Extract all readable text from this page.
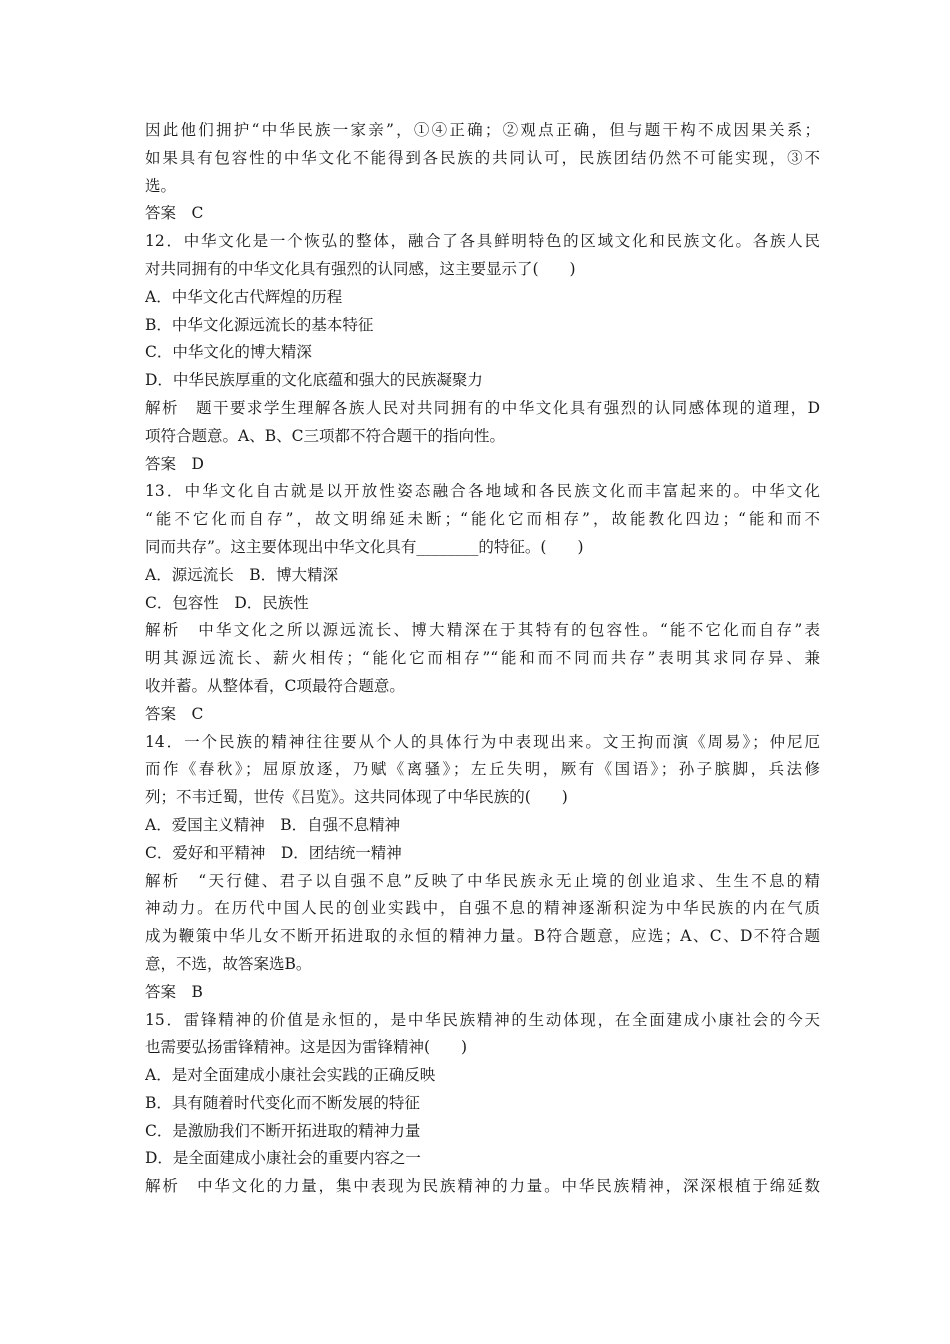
因此他们拥护“中华民族一家亲”，①④正确；②观点正确，但与题干构不成因果关系；
如果具有包容性的中华文化不能得到各民族的共同认可，民族团结仍然不可能实现，③不
选。
答案　C
12．中华文化是一个恢弘的整体，融合了各具鲜明特色的区域文化和民族文化。各族人民
对共同拥有的中华文化具有强烈的认同感，这主要显示了(　　)
A．中华文化古代辉煌的历程
B．中华文化源远流长的基本特征
C．中华文化的博大精深
D．中华民族厚重的文化底蕴和强大的民族凝聚力
解析　题干要求学生理解各族人民对共同拥有的中华文化具有强烈的认同感体现的道理，D
项符合题意。A、B、C三项都不符合题干的指向性。
答案　D
13．中华文化自古就是以开放性姿态融合各地域和各民族文化而丰富起来的。中华文化
“能不它化而自存”，故文明绵延未断；“能化它而相存”，故能教化四边；“能和而不
同而共存”。这主要体现出中华文化具有________的特征。(　　)
A．源远流长　B．博大精深
C．包容性　D．民族性
解析　中华文化之所以源远流长、博大精深在于其特有的包容性。“能不它化而自存”表
明其源远流长、薪火相传；“能化它而相存”“能和而不同而共存”表明其求同存异、兼
收并蓄。从整体看，C项最符合题意。
答案　C
14．一个民族的精神往往要从个人的具体行为中表现出来。文王拘而演《周易》；仲尼厄
而作《春秋》；屈原放逐，乃赋《离骚》；左丘失明，厥有《国语》；孙子膑脚，兵法修
列；不韦迁蜀，世传《吕览》。这共同体现了中华民族的(　　)
A．爱国主义精神　B．自强不息精神
C．爱好和平精神　D．团结统一精神
解析　“天行健、君子以自强不息”反映了中华民族永无止境的创业追求、生生不息的精
神动力。在历代中国人民的创业实践中，自强不息的精神逐渐积淀为中华民族的内在气质
成为鞭策中华儿女不断开拓进取的永恒的精神力量。B符合题意，应选；A、C、D不符合题
意，不选，故答案选B。
答案　B
15．雷锋精神的价值是永恒的，是中华民族精神的生动体现，在全面建成小康社会的今天
也需要弘扬雷锋精神。这是因为雷锋精神(　　)
A．是对全面建成小康社会实践的正确反映
B．具有随着时代变化而不断发展的特征
C．是激励我们不断开拓进取的精神力量
D．是全面建成小康社会的重要内容之一
解析　中华文化的力量，集中表现为民族精神的力量。中华民族精神，深深根植于绵延数
